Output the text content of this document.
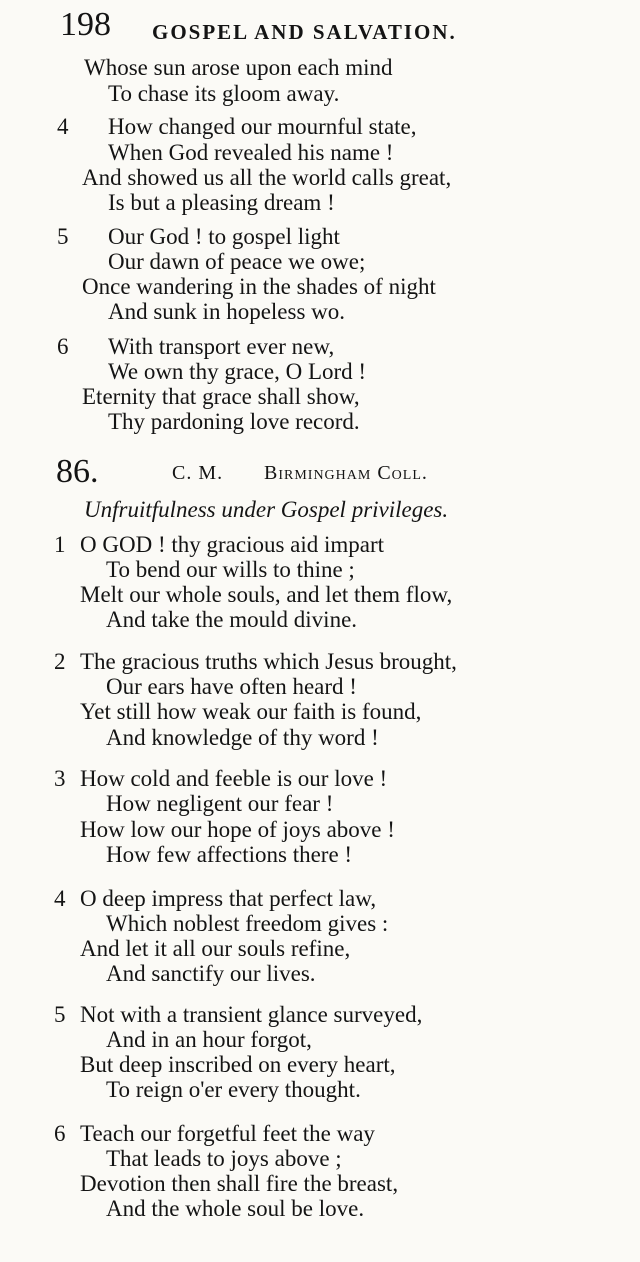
198 GOSPEL AND SALVATION.
Whose sun arose upon each mind
To chase its gloom away.
4 How changed our mournful state,
When God revealed his name !
And showed us all the world calls great,
Is but a pleasing dream !
5 Our God ! to gospel light
Our dawn of peace we owe;
Once wandering in the shades of night
And sunk in hopeless wo.
6 With transport ever new,
We own thy grace, O Lord !
Eternity that grace shall show,
Thy pardoning love record.
86.	C. M. Birmingham Coll.
Unfruitfulness under Gospel privileges.
1 O GOD ! thy gracious aid impart
To bend our wills to thine ;
Melt our whole souls, and let them flow,
And take the mould divine.
2 The gracious truths which Jesus brought,
Our ears have often heard !
Yet still how weak our faith is found,
And knowledge of thy word !
3 How cold and feeble is our love !
How negligent our fear !
How low our hope of joys above !
How few affections there !
4 O deep impress that perfect law,
Which noblest freedom gives :
And let it all our souls refine,
And sanctify our lives.
5 Not with a transient glance surveyed,
And in an hour forgot,
But deep inscribed on every heart,
To reign o'er every thought.
6 Teach our forgetful feet the way
That leads to joys above ;
Devotion then shall fire the breast,
And the whole soul be love.
